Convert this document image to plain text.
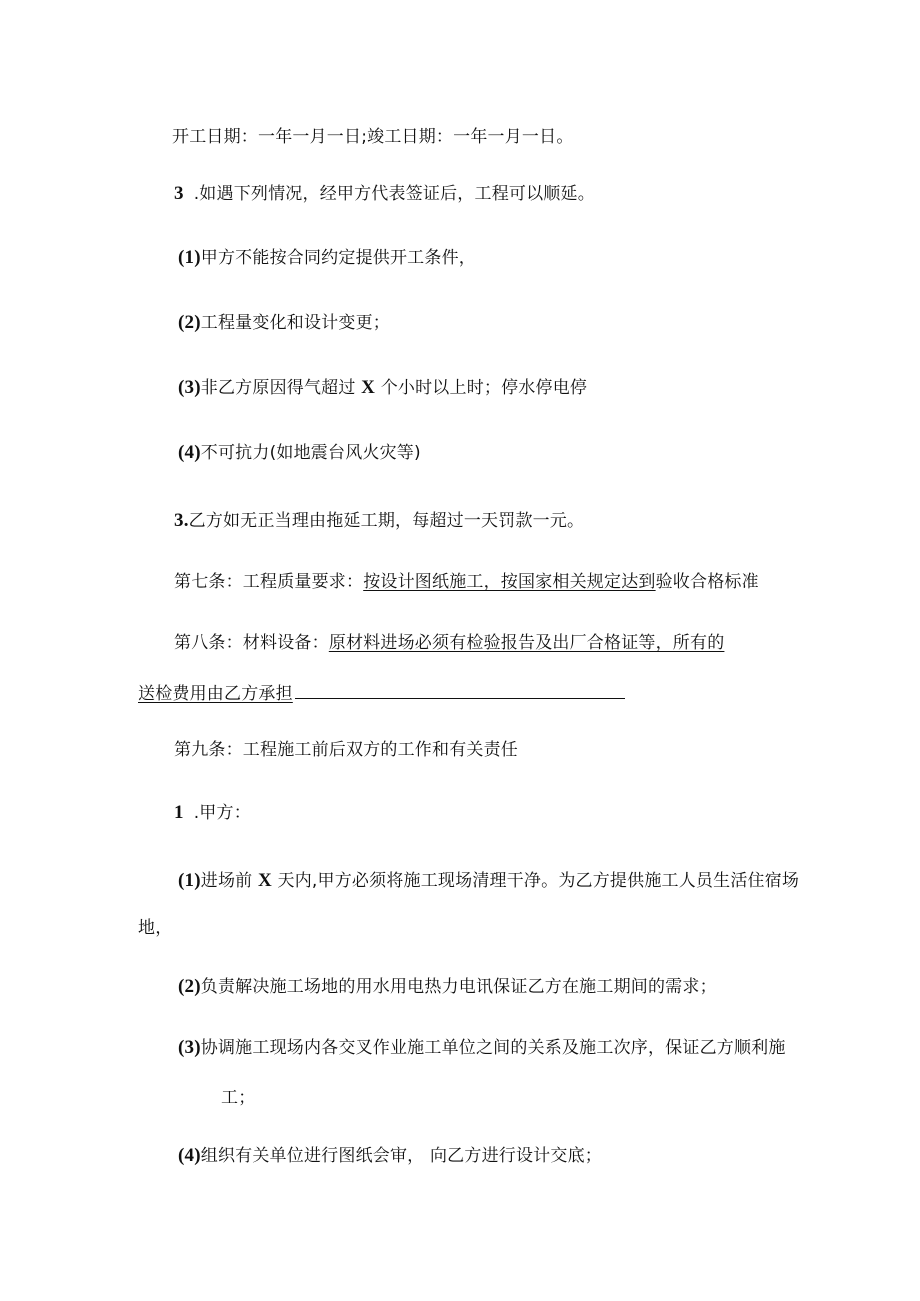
开工日期：一年一月一日;竣工日期：一年一月一日。
3 .如遇下列情况，经甲方代表签证后，工程可以顺延。
(1)甲方不能按合同约定提供开工条件，
(2)工程量变化和设计变更；
(3)非乙方原因得气超过 X 个小时以上时；停水停电停
(4)不可抗力(如地震台风火灾等)
3.乙方如无正当理由拖延工期，每超过一天罚款一元。
第七条：工程质量要求：按设计图纸施工，按国家相关规定达到验收合格标准
第八条：材料设备：原材料进场必须有检验报告及出厂合格证等，所有的
送检费用由乙方承担
第九条：工程施工前后双方的工作和有关责任
1 .甲方：
(1)进场前 X 天内,甲方必须将施工现场清理干净。为乙方提供施工人员生活住宿场
地，
(2)负责解决施工场地的用水用电热力电讯保证乙方在施工期间的需求；
(3)协调施工现场内各交叉作业施工单位之间的关系及施工次序，保证乙方顺利施
工；
(4)组织有关单位进行图纸会审， 向乙方进行设计交底；
